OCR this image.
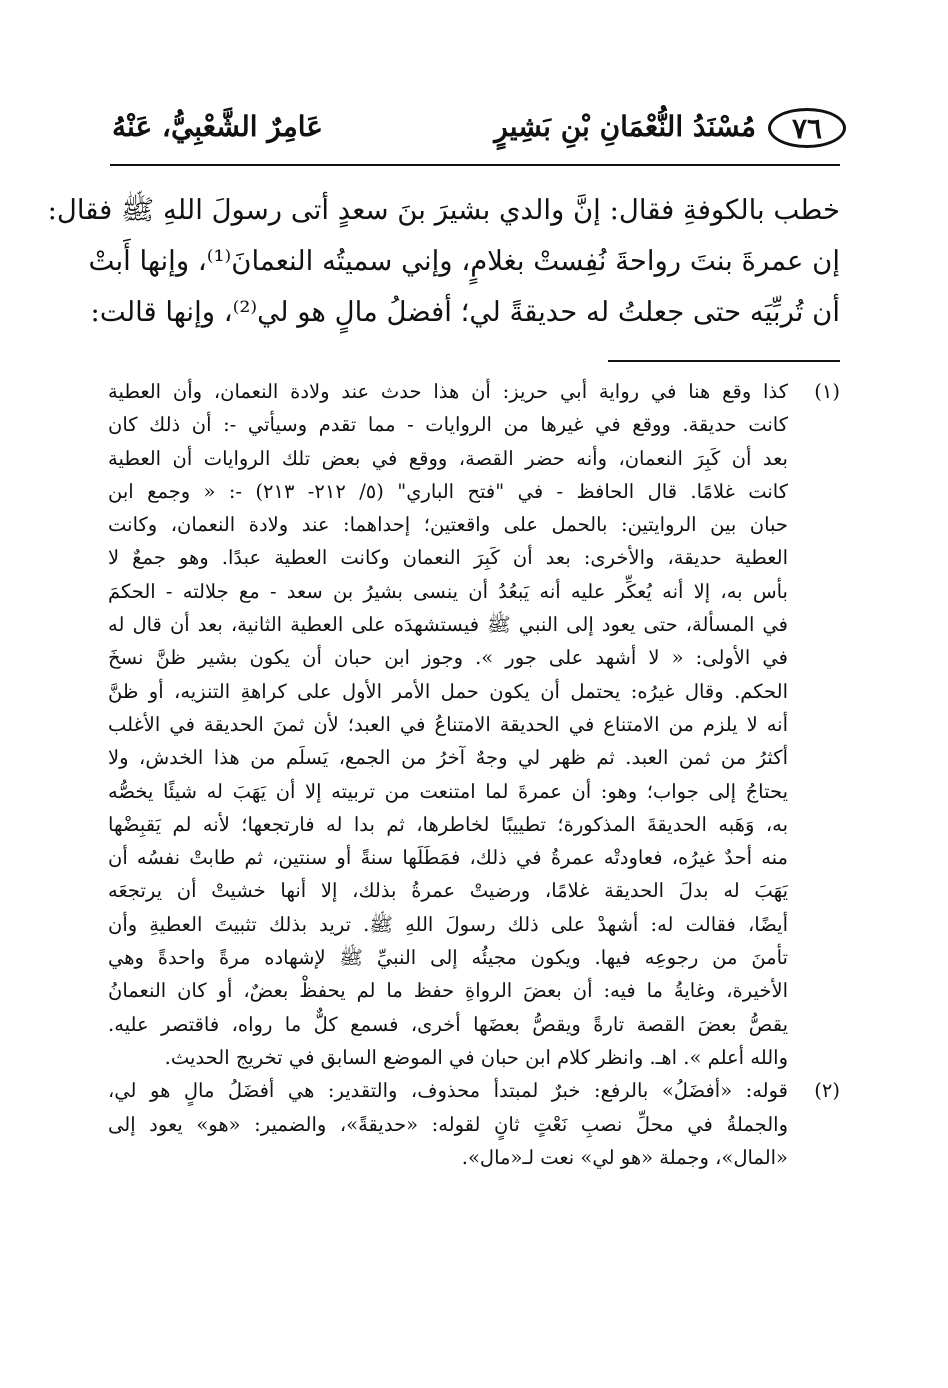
٧٦
مُسْنَدُ النُّعْمَانِ بْنِ بَشِيرٍ
عَامِرٌ الشَّعْبِيُّ، عَنْهُ
خطب بالكوفةِ فقال: إنَّ والدي بشيرَ بنَ سعدٍ أتى رسولَ اللهِ ﷺ فقال:
إن عمرةَ بنتَ رواحةَ نُفِستْ بغلامٍ، وإني سميتُه النعمانَ⁽¹⁾، وإنها أَبتْ
أن تُربِّيَه حتى جعلتُ له حديقةً لي؛ أفضلُ مالٍ هو لي⁽²⁾، وإنها قالت:
(١)
كذا وقع هنا في رواية أبي حريز: أن هذا حدث عند ولادة النعمان، وأن العطية
كانت حديقة. ووقع في غيرها من الروايات - مما تقدم وسيأتي -: أن ذلك كان
بعد أن كَبِرَ النعمان، وأنه حضر القصة، ووقع في بعض تلك الروايات أن العطية
كانت غلامًا. قال الحافظ - في "فتح الباري" (٥/ ٢١٢- ٢١٣) -: « وجمع ابن
حبان بين الروايتين: بالحمل على واقعتين؛ إحداهما: عند ولادة النعمان، وكانت
العطية حديقة، والأخرى: بعد أن كَبِرَ النعمان وكانت العطية عبدًا. وهو جمعٌ لا
بأس به، إلا أنه يُعكِّر عليه أنه يَبعُدُ أن ينسى بشيرُ بن سعد - مع جلالته - الحكمَ
في المسألة، حتى يعود إلى النبي ﷺ فيستشهدَه على العطية الثانية، بعد أن قال له
في الأولى: « لا أشهد على جور ». وجوز ابن حبان أن يكون بشير ظنَّ نسخَ
الحكم. وقال غيرُه: يحتمل أن يكون حمل الأمر الأول على كراهةِ التنزيه، أو ظنَّ
أنه لا يلزم من الامتناع في الحديقة الامتناعُ في العبد؛ لأن ثمنَ الحديقة في الأغلب
أكثرُ من ثمن العبد. ثم ظهر لي وجهٌ آخرُ من الجمع، يَسلَم من هذا الخدش، ولا
يحتاجُ إلى جواب؛ وهو: أن عمرةَ لما امتنعت من تربيته إلا أن يَهَبَ له شيئًا يخصُّه
به، وَهَبه الحديقةَ المذكورة؛ تطييبًا لخاطرها، ثم بدا له فارتجعها؛ لأنه لم يَقبِضْها
منه أحدٌ غيرُه، فعاودتْه عمرةُ في ذلك، فمَطَلَها سنةً أو سنتين، ثم طابتْ نفسُه أن
يَهَبَ له بدلَ الحديقة غلامًا، ورضيتْ عمرةُ بذلك، إلا أنها خشيتْ أن يرتجعَه
أيضًا، فقالت له: أشهدْ على ذلك رسولَ اللهِ ﷺ. تريد بذلك تثبيتَ العطيةِ وأن
تأمنَ من رجوعِه فيها. ويكون مجيئُه إلى النبيِّ ﷺ لإشهاده مرةً واحدةً وهي
الأخيرة، وغايةُ ما فيه: أن بعضَ الرواةِ حفظ ما لم يحفظْ بعضٌ، أو كان النعمانُ
يقصُّ بعضَ القصة تارةً ويقصُّ بعضَها أخرى، فسمع كلٌّ ما رواه، فاقتصر عليه.
والله أعلم ». اهـ. وانظر كلام ابن حبان في الموضع السابق في تخريج الحديث.
(٢)
قوله: «أفضَلُ» بالرفع: خبرٌ لمبتدأ محذوف، والتقدير: هي أفضَلُ مالٍ هو لي،
والجملةُ في محلِّ نصبِ نَعْتٍ ثانٍ لقوله: «حديقةً»، والضمير: «هو» يعود إلى
«المال»، وجملة «هو لي» نعت لـ«مال».
